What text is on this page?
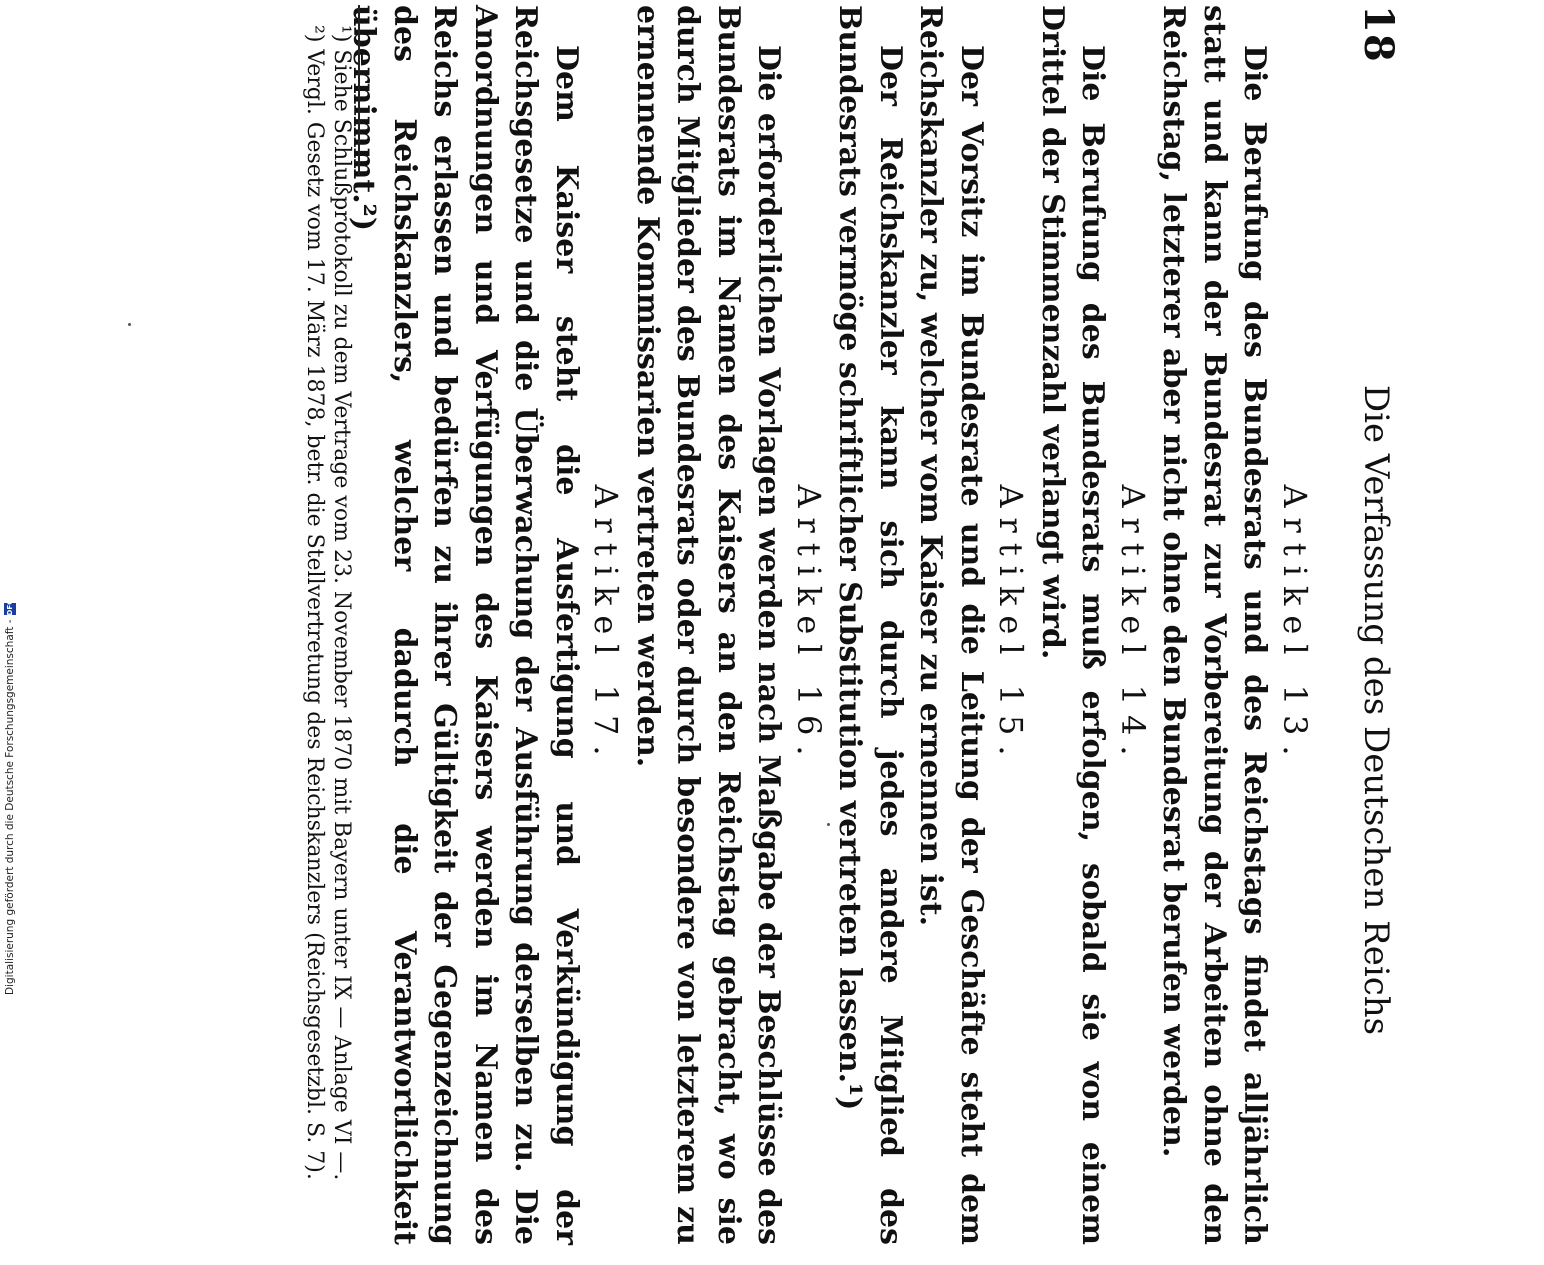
18
Die Verfassung des Deutschen Reichs

Artikel 13.

Die Berufung des Bundesrats und des Reichstags findet alljährlich statt und kann der Bundesrat zur Vorbereitung der Arbeiten ohne den Reichstag, letzterer aber nicht ohne den Bundesrat berufen werden.

Artikel 14.

Die Berufung des Bundesrats muß erfolgen, sobald sie von einem Drittel der Stimmenzahl verlangt wird.

Artikel 15.

Der Vorsitz im Bundesrate und die Leitung der Geschäfte steht dem Reichskanzler zu, welcher vom Kaiser zu ernennen ist.

Der Reichskanzler kann sich durch jedes andere Mitglied des Bundesrats vermöge schriftlicher Substitution vertreten lassen.¹)

Artikel 16.

Die erforderlichen Vorlagen werden nach Maßgabe der Beschlüsse des Bundesrats im Namen des Kaisers an den Reichstag gebracht, wo sie durch Mitglieder des Bundesrats oder durch besondere von letzterem zu ernennende Kommissarien vertreten werden.

Artikel 17.

Dem Kaiser steht die Ausfertigung und Verkündigung der Reichsgesetze und die Überwachung der Ausführung derselben zu. Die Anordnungen und Verfügungen des Kaisers werden im Namen des Reichs erlassen und bedürfen zu ihrer Gültigkeit der Gegenzeichnung des Reichskanzlers, welcher dadurch die Verantwortlichkeit übernimmt.²)

¹) Siehe Schlußprotokoll zu dem Vertrage vom 23. November 1870 mit Bayern unter IX — Anlage VI —.

²) Vergl. Gesetz vom 17. März 1878, betr. die Stellvertretung des Reichskanzlers (Reichsgesetzbl. S. 7).

Digitalisierung gefördert durch die Deutsche Forschungsgemeinschaft -
DFG
